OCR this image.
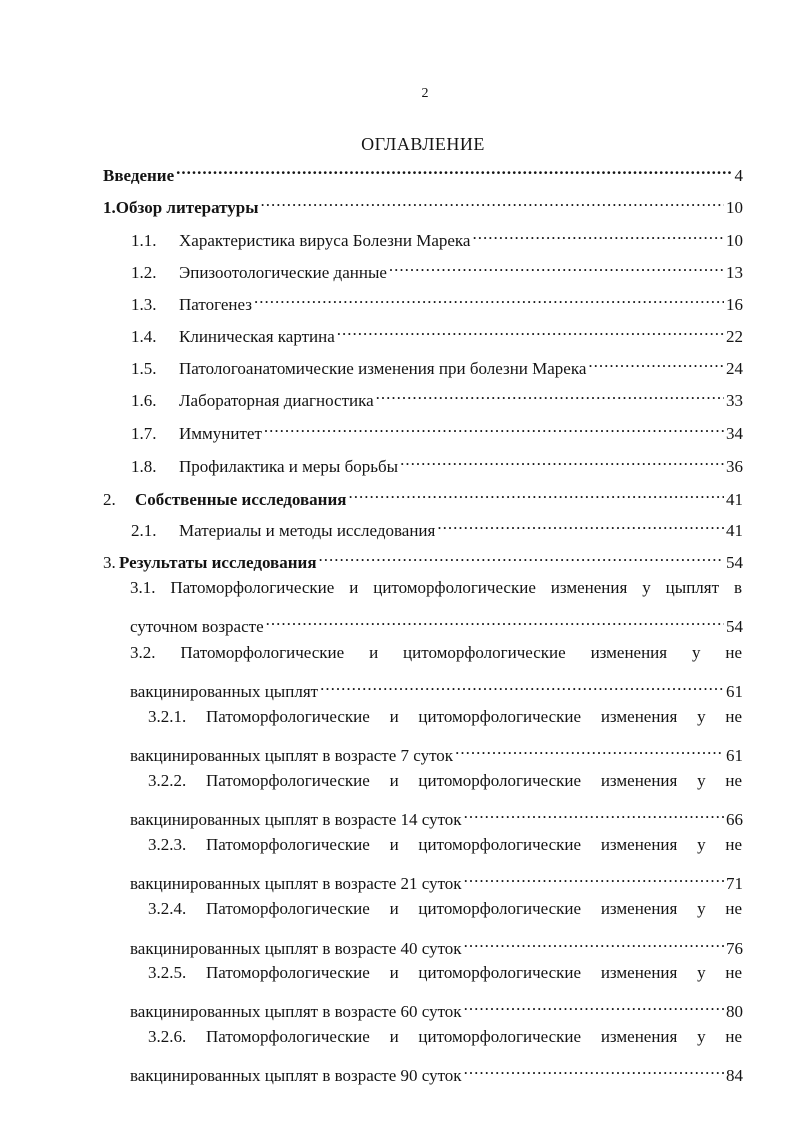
2
ОГЛАВЛЕНИЕ
Введение .....	4
1.Обзор литературы .....	10
1.1.	Характеристика вируса Болезни Марека .....	10
1.2.	Эпизоотологические данные .....	13
1.3.	Патогенез .....	16
1.4.	Клиническая картина .....	22
1.5.	Патологоанатомические изменения при болезни Марека .....	24
1.6.	Лабораторная диагностика .....	33
1.7.	Иммунитет .....	34
1.8.	Профилактика и меры борьбы .....	36
2.	Собственные исследования .....	41
2.1.	Материалы и методы исследования .....	41
3. Результаты исследования .....	54
3.1. Патоморфологические и цитоморфологические изменения у цыплят в
суточном возрасте .....	54
3.2. Патоморфологические и цитоморфологические изменения у не
вакцинированных цыплят .....	61
3.2.1. Патоморфологические и цитоморфологические изменения у не
вакцинированных цыплят в возрасте 7 суток .....	61
3.2.2. Патоморфологические и цитоморфологические изменения у не
вакцинированных цыплят в возрасте 14 суток .....	66
3.2.3. Патоморфологические и цитоморфологические изменения у не
вакцинированных цыплят в возрасте 21 суток .....	71
3.2.4. Патоморфологические и цитоморфологические изменения у не
вакцинированных цыплят в возрасте 40 суток .....	76
3.2.5. Патоморфологические и цитоморфологические изменения у не
вакцинированных цыплят в возрасте 60 суток .....	80
3.2.6. Патоморфологические и цитоморфологические изменения у не
вакцинированных цыплят в возрасте 90 суток .....	84
